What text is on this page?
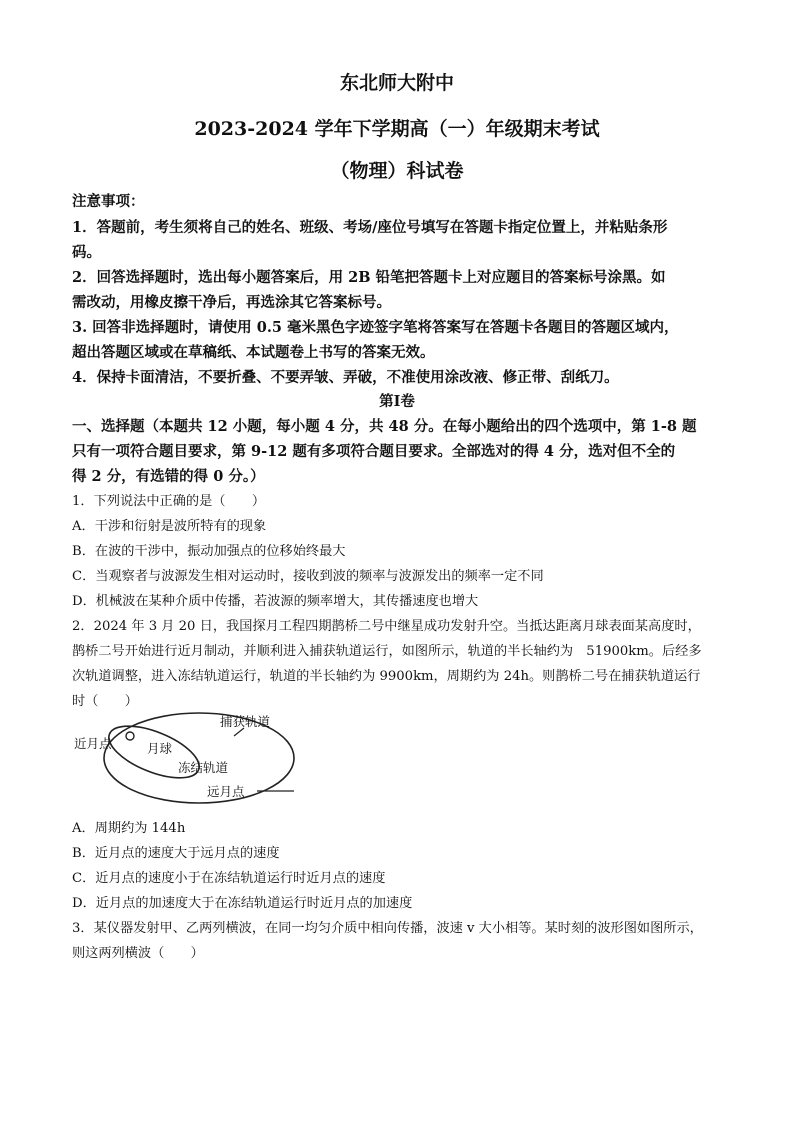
东北师大附中
2023-2024 学年下学期高（一）年级期末考试
（物理）科试卷
注意事项：
1．答题前，考生须将自己的姓名、班级、考场/座位号填写在答题卡指定位置上，并粘贴条形
码。
2．回答选择题时，选出每小题答案后，用 2B 铅笔把答题卡上对应题目的答案标号涂黑。如
需改动，用橡皮擦干净后，再选涂其它答案标号。
3. 回答非选择题时，请使用 0.5 毫米黑色字迹签字笔将答案写在答题卡各题目的答题区域内，
超出答题区域或在草稿纸、本试题卷上书写的答案无效。
4．保持卡面清洁，不要折叠、不要弄皱、弄破，不准使用涂改液、修正带、刮纸刀。
第Ⅰ卷
一、选择题（本题共 12 小题，每小题 4 分，共 48 分。在每小题给出的四个选项中，第 1-8 题
只有一项符合题目要求，第 9-12 题有多项符合题目要求。全部选对的得 4 分，选对但不全的
得 2 分，有选错的得 0 分。）
1．下列说法中正确的是（　　）
A．干涉和衍射是波所特有的现象
B．在波的干涉中，振动加强点的位移始终最大
C．当观察者与波源发生相对运动时，接收到波的频率与波源发出的频率一定不同
D．机械波在某种介质中传播，若波源的频率增大，其传播速度也增大
2．2024 年 3 月 20 日，我国探月工程四期鹊桥二号中继星成功发射升空。当抵达距离月球表面某高度时，
鹊桥二号开始进行近月制动，并顺利进入捕获轨道运行，如图所示，轨道的半长轴约为　51900km。后经多
次轨道调整，进入冻结轨道运行，轨道的半长轴约为 9900km，周期约为 24h。则鹊桥二号在捕获轨道运行
时（　　）
捕获轨道
近月点	月球
冻结轨道
远月点
A．周期约为 144h
B．近月点的速度大于远月点的速度
C．近月点的速度小于在冻结轨道运行时近月点的速度
D．近月点的加速度大于在冻结轨道运行时近月点的加速度
3．某仪器发射甲、乙两列横波，在同一均匀介质中相向传播，波速 v 大小相等。某时刻的波形图如图所示，
则这两列横波（　　）
